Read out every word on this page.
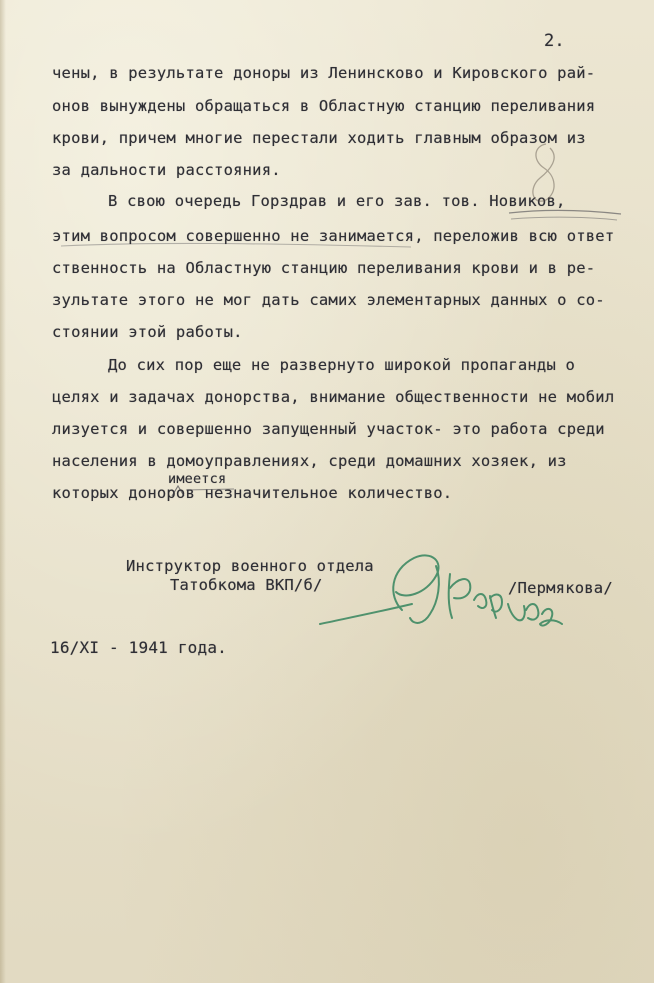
2.
чены, в результате доноры из Ленинсково и Кировского рай-
онов вынуждены обращаться в Областную станцию переливания
крови, причем многие перестали ходить главным образом из
за дальности расстояния.
В свою очередь Горздрав и его зав. тов. Новиков,
этим вопросом совершенно не занимается, переложив всю ответ
ственность на Областную станцию переливания крови и в ре-
зультате этого не мог дать самих элементарных данных о со-
стоянии этой работы.
До сих пор еще не развернуто широкой пропаганды о
целях и задачах донорства, внимание общественности не мобил
лизуется и совершенно запущенный участок- это работа среди
населения в домоуправлениях, среди домашних хозяек, из
имеется
которых доноров незначительное количество.
Инструктор военного отдела
Татобкома ВКП/б/	/Пермякова/
16/XI - 1941 года.
